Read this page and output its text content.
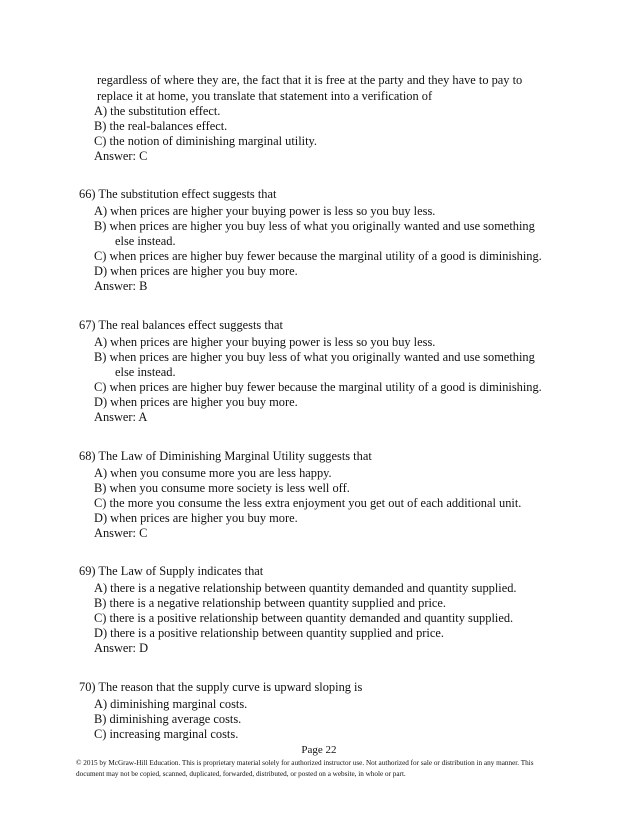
regardless of where they are, the fact that it is free at the party and they have to pay to
replace it at home, you translate that statement into a verification of
A) the substitution effect.
B) the real-balances effect.
C) the notion of diminishing marginal utility.
Answer: C
66) The substitution effect suggests that
A) when prices are higher your buying power is less so you buy less.
B) when prices are higher you buy less of what you originally wanted and use something
else instead.
C) when prices are higher buy fewer because the marginal utility of a good is diminishing.
D) when prices are higher you buy more.
Answer: B
67) The real balances effect suggests that
A) when prices are higher your buying power is less so you buy less.
B) when prices are higher you buy less of what you originally wanted and use something
else instead.
C) when prices are higher buy fewer because the marginal utility of a good is diminishing.
D) when prices are higher you buy more.
Answer: A
68) The Law of Diminishing Marginal Utility suggests that
A) when you consume more you are less happy.
B) when you consume more society is less well off.
C) the more you consume the less extra enjoyment you get out of each additional unit.
D) when prices are higher you buy more.
Answer: C
69) The Law of Supply indicates that
A) there is a negative relationship between quantity demanded and quantity supplied.
B) there is a negative relationship between quantity supplied and price.
C) there is a positive relationship between quantity demanded and quantity supplied.
D) there is a positive relationship between quantity supplied and price.
Answer: D
70) The reason that the supply curve is upward sloping is
A) diminishing marginal costs.
B) diminishing average costs.
C) increasing marginal costs.
Page 22
© 2015 by McGraw-Hill Education. This is proprietary material solely for authorized instructor use. Not authorized for sale or distribution in any manner. This
document may not be copied, scanned, duplicated, forwarded, distributed, or posted on a website, in whole or part.
